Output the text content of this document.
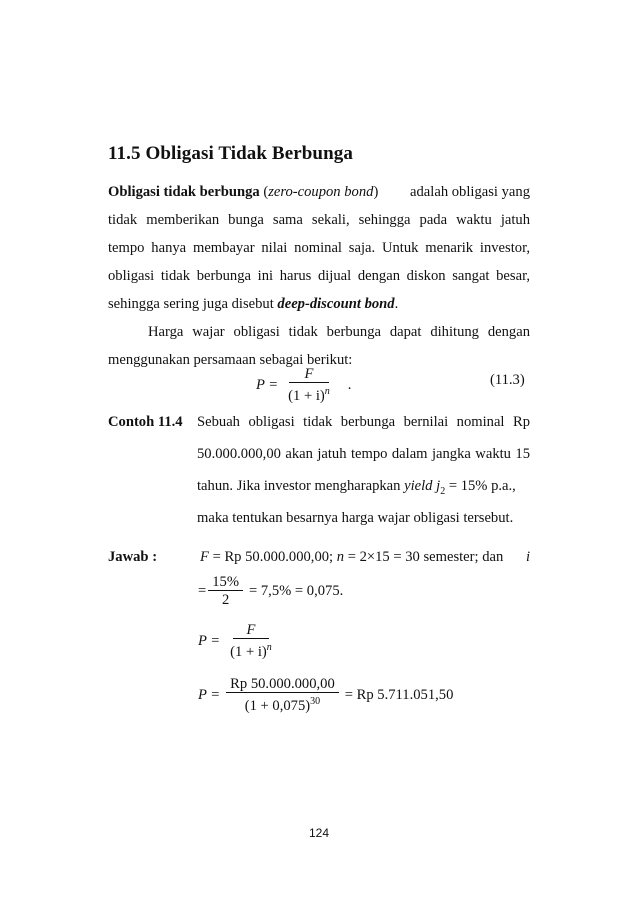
11.5 Obligasi Tidak Berbunga
Obligasi tidak berbunga (zero-coupon bond) adalah obligasi yang
tidak memberikan bunga sama sekali, sehingga pada waktu jatuh
tempo hanya membayar nilai nominal saja. Untuk menarik investor,
obligasi tidak berbunga ini harus dijual dengan diskon sangat besar,
sehingga sering juga disebut deep-discount bond.
Harga wajar obligasi tidak berbunga dapat dihitung dengan
menggunakan persamaan sebagai berikut:
$P = \frac{F}{(1 + i)^n}$ .	(11.3)
Contoh 11.4 Sebuah obligasi tidak berbunga bernilai nominal Rp
50.000.000,00 akan jatuh tempo dalam jangka waktu 15
tahun. Jika investor mengharapkan yield $j_2 = 15\%$ p.a.,
maka tentukan besarnya harga wajar obligasi tersebut.
Jawab :	F = Rp 50.000.000,00; n = 2×15 = 30 semester; dan i
= $\frac{15\%}{2} = 7,5\% = 0,075$.
$P = \frac{F}{(1 + i)^n}$
$P = \frac{Rp 50.000.000,00}{(1 + 0,075)^{30}} = Rp$ 5.711.051,50
124
